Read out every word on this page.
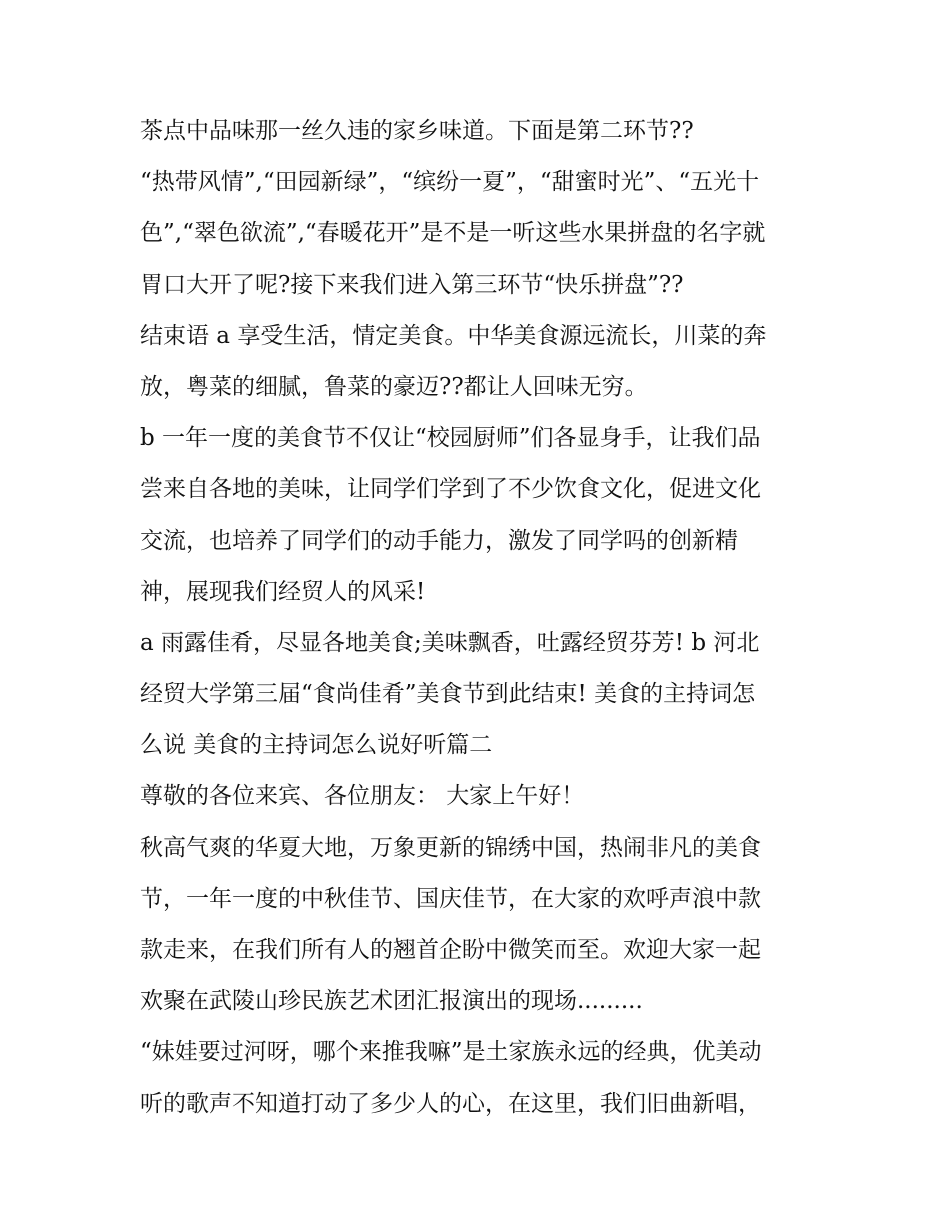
茶点中品味那一丝久违的家乡味道。下面是第二环节??
“热带风情”,“田园新绿”，“缤纷一夏”，“甜蜜时光”、“五光十
色”,“翠色欲流”,“春暖花开”是不是一听这些水果拼盘的名字就
胃口大开了呢?接下来我们进入第三环节“快乐拼盘”??
结束语 a 享受生活，情定美食。中华美食源远流长，川菜的奔
放，粤菜的细腻，鲁菜的豪迈??都让人回味无穷。
b 一年一度的美食节不仅让“校园厨师”们各显身手，让我们品
尝来自各地的美味，让同学们学到了不少饮食文化，促进文化
交流，也培养了同学们的动手能力，激发了同学吗的创新精
神，展现我们经贸人的风采!
a 雨露佳肴，尽显各地美食;美味飘香，吐露经贸芬芳! b 河北
经贸大学第三届“食尚佳肴”美食节到此结束! 美食的主持词怎
么说 美食的主持词怎么说好听篇二
尊敬的各位来宾、各位朋友： 大家上午好！
秋高气爽的华夏大地，万象更新的锦绣中国，热闹非凡的美食
节，一年一度的中秋佳节、国庆佳节，在大家的欢呼声浪中款
款走来，在我们所有人的翘首企盼中微笑而至。欢迎大家一起
欢聚在武陵山珍民族艺术团汇报演出的现场.........
“妹娃要过河呀，哪个来推我嘛”是土家族永远的经典，优美动
听的歌声不知道打动了多少人的心，在这里，我们旧曲新唱，
